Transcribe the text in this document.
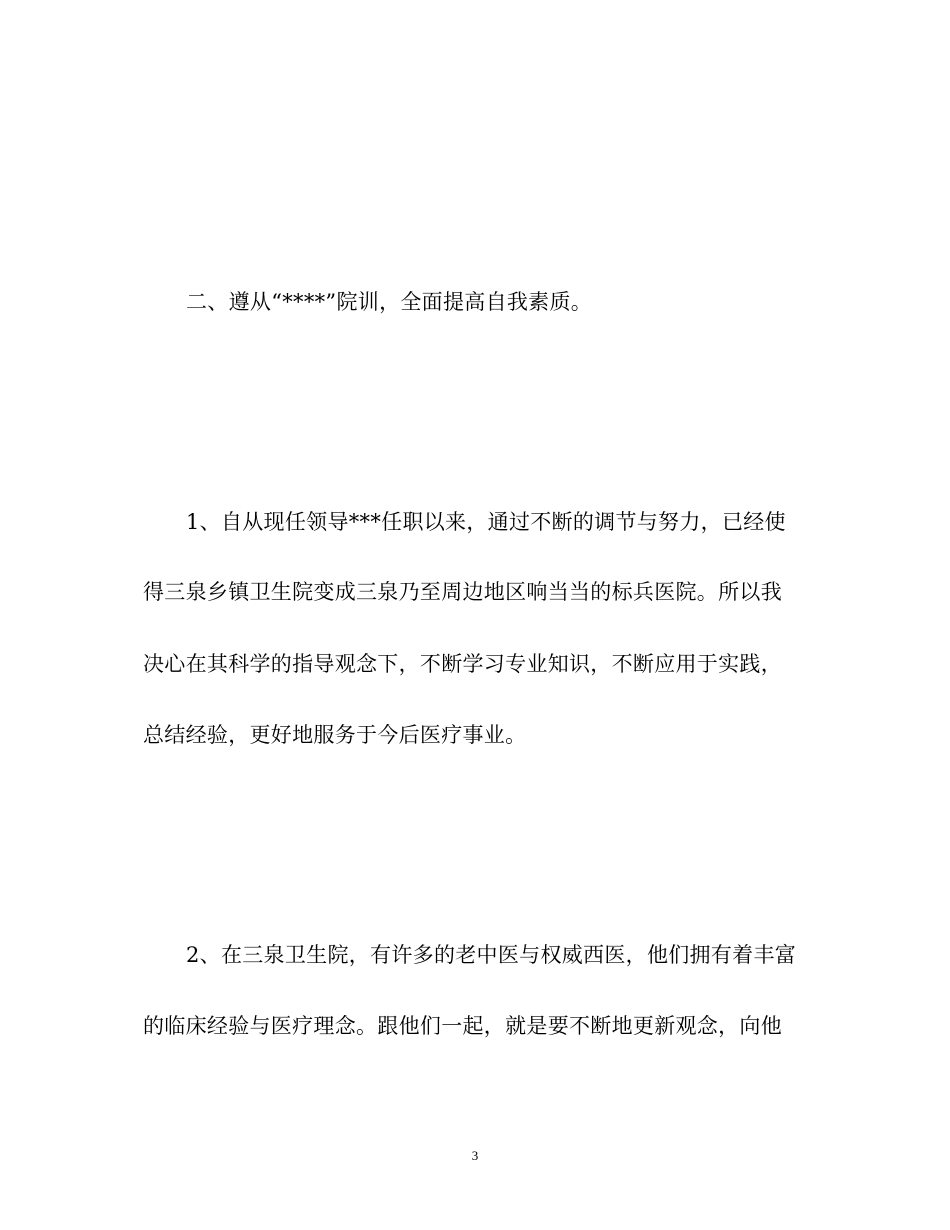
二、遵从“****”院训，全面提高自我素质。
1、自从现任领导***任职以来，通过不断的调节与努力，已经使
得三泉乡镇卫生院变成三泉乃至周边地区响当当的标兵医院。所以我
决心在其科学的指导观念下，不断学习专业知识，不断应用于实践，
总结经验，更好地服务于今后医疗事业。
2、在三泉卫生院，有许多的老中医与权威西医，他们拥有着丰富
的临床经验与医疗理念。跟他们一起，就是要不断地更新观念，向他
3
